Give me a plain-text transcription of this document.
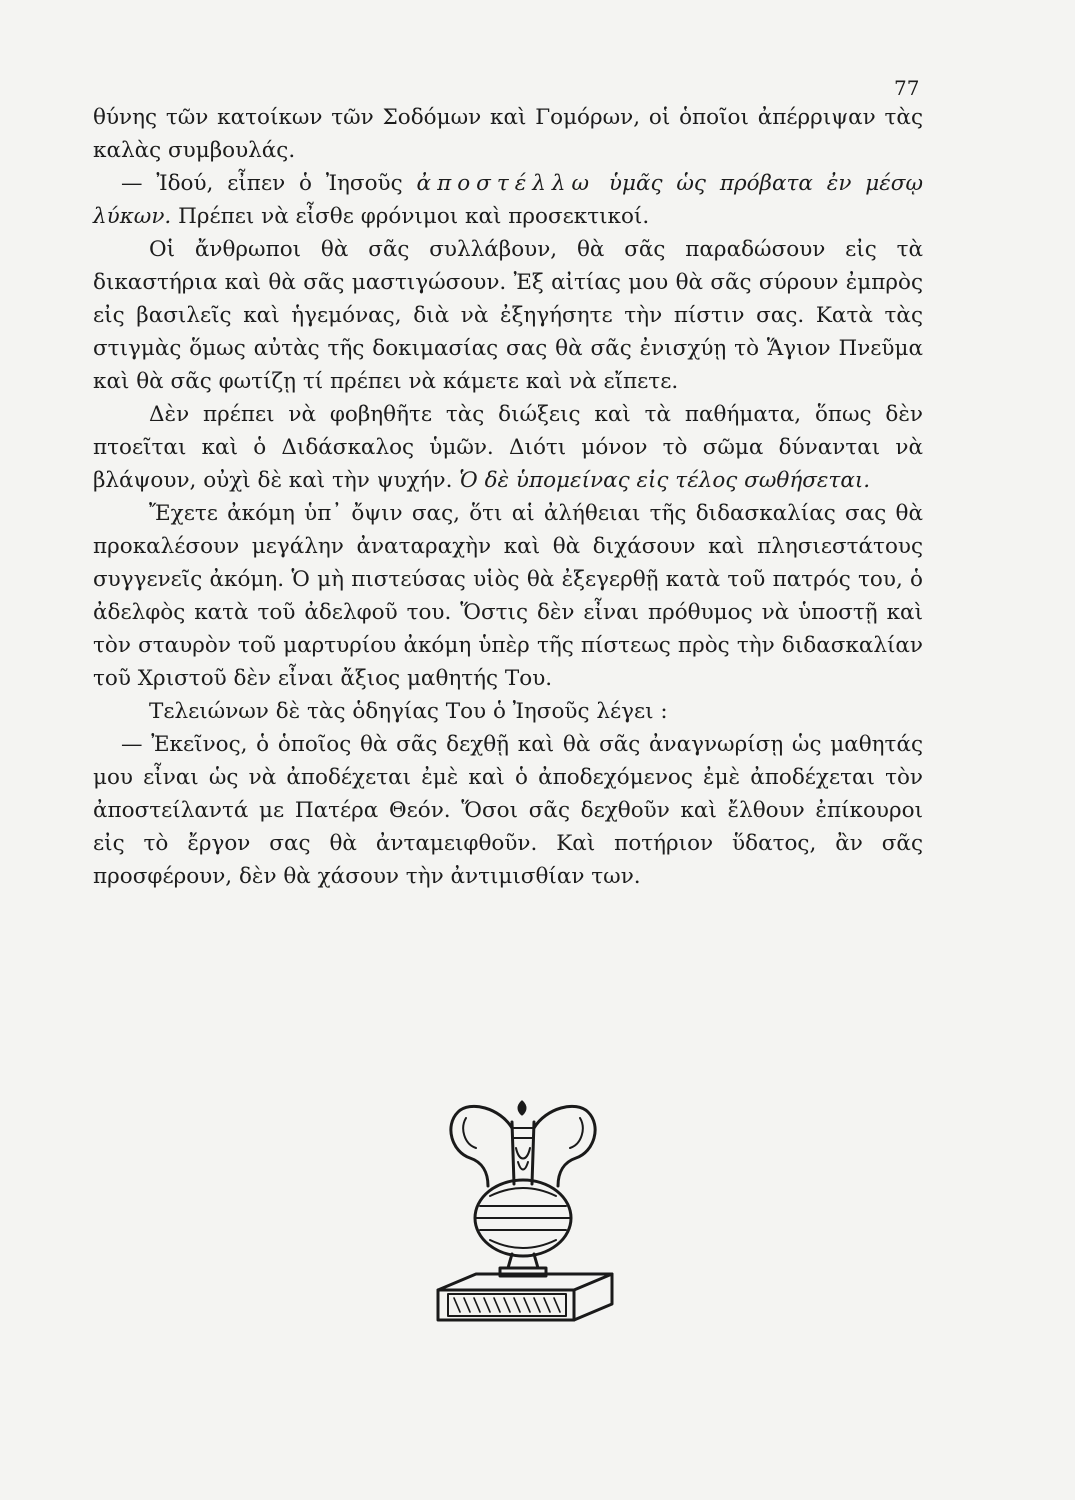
77

θύνης τῶν κατοίκων τῶν Σοδόμων καὶ Γομόρων, οἱ ὁποῖοι ἀπέρριψαν τὰς καλὰς συμβουλάς.

— Ἰδού, εἶπεν ὁ Ἰησοῦς ἀποστέλλω ὑμᾶς ὡς πρόβατα ἐν μέσῳ λύκων. Πρέπει νὰ εἶσθε φρόνιμοι καὶ προσεκτικοί.

Οἱ ἄνθρωποι θὰ σᾶς συλλάβουν, θὰ σᾶς παραδώσουν εἰς τὰ δικαστήρια καὶ θὰ σᾶς μαστιγώσουν. Ἐξ αἰτίας μου θὰ σᾶς σύρουν ἐμπρὸς εἰς βασιλεῖς καὶ ἡγεμόνας, διὰ νὰ ἐξηγήσητε τὴν πίστιν σας. Κατὰ τὰς στιγμὰς ὅμως αὐτὰς τῆς δοκιμασίας σας θὰ σᾶς ἐνισχύῃ τὸ Ἅγιον Πνεῦμα καὶ θὰ σᾶς φωτίζῃ τί πρέπει νὰ κάμετε καὶ νὰ εἴπετε.

Δὲν πρέπει νὰ φοβηθῆτε τὰς διώξεις καὶ τὰ παθήματα, ὅπως δὲν πτοεῖται καὶ ὁ Διδάσκαλος ὑμῶν. Διότι μόνον τὸ σῶμα δύνανται νὰ βλάψουν, οὐχὶ δὲ καὶ τὴν ψυχήν. Ὁ δὲ ὑπομείνας εἰς τέλος σωθήσεται.

Ἔχετε ἀκόμη ὑπ᾽ ὄψιν σας, ὅτι αἱ ἀλήθειαι τῆς διδασκαλίας σας θὰ προκαλέσουν μεγάλην ἀναταραχὴν καὶ θὰ διχάσουν καὶ πλησιεστάτους συγγενεῖς ἀκόμη. Ὁ μὴ πιστεύσας υἱὸς θὰ ἐξεγερθῇ κατὰ τοῦ πατρός του, ὁ ἀδελφὸς κατὰ τοῦ ἀδελφοῦ του. Ὅστις δὲν εἶναι πρόθυμος νὰ ὑποστῇ καὶ τὸν σταυρὸν τοῦ μαρτυρίου ἀκόμη ὑπὲρ τῆς πίστεως πρὸς τὴν διδασκαλίαν τοῦ Χριστοῦ δὲν εἶναι ἄξιος μαθητής Του.

Τελειώνων δὲ τὰς ὁδηγίας Του ὁ Ἰησοῦς λέγει :

— Ἐκεῖνος, ὁ ὁποῖος θὰ σᾶς δεχθῇ καὶ θὰ σᾶς ἀναγνωρίσῃ ὡς μαθητάς μου εἶναι ὡς νὰ ἀποδέχεται ἐμὲ καὶ ὁ ἀποδεχόμενος ἐμὲ ἀποδέχεται τὸν ἀποστείλαντά με Πατέρα Θεόν. Ὅσοι σᾶς δεχθοῦν καὶ ἔλθουν ἐπίκουροι εἰς τὸ ἔργον σας θὰ ἀνταμειφθοῦν. Καὶ ποτήριον ὕδατος, ἂν σᾶς προσφέρουν, δὲν θὰ χάσουν τὴν ἀντιμισθίαν των.
